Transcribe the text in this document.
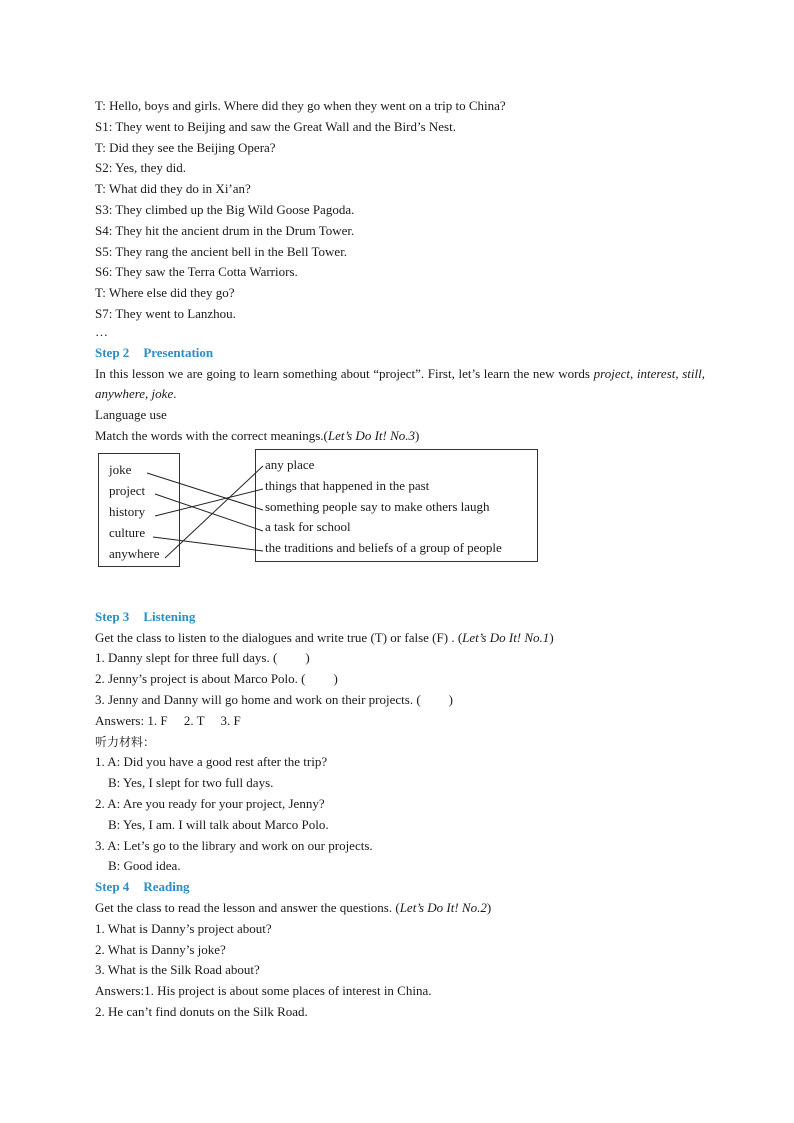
T: Hello, boys and girls. Where did they go when they went on a trip to China?
S1: They went to Beijing and saw the Great Wall and the Bird’s Nest.
T: Did they see the Beijing Opera?
S2: Yes, they did.
T: What did they do in Xi’an?
S3: They climbed up the Big Wild Goose Pagoda.
S4: They hit the ancient drum in the Drum Tower.
S5: They rang the ancient bell in the Bell Tower.
S6: They saw the Terra Cotta Warriors.
T: Where else did they go?
S7: They went to Lanzhou.
…
Step 2 Presentation
In this lesson we are going to learn something about “project”. First, let’s learn the new words project, interest, still, anywhere, joke.
Language use
Match the words with the correct meanings.(Let’s Do It! No.3)
joke
project
history
culture
anywhere
any place
things that happened in the past
something people say to make others laugh
a task for school
the traditions and beliefs of a group of people
Step 3 Listening
Get the class to listen to the dialogues and write true (T) or false (F) . (Let’s Do It! No.1)
1. Danny slept for three full days. ( )
2. Jenny’s project is about Marco Polo. ( )
3. Jenny and Danny will go home and work on their projects. ( )
Answers: 1. F     2. T     3. F
听力材料：
1. A: Did you have a good rest after the trip?
B: Yes, I slept for two full days.
2. A: Are you ready for your project, Jenny?
B: Yes, I am. I will talk about Marco Polo.
3. A: Let’s go to the library and work on our projects.
B: Good idea.
Step 4 Reading
Get the class to read the lesson and answer the questions. (Let’s Do It! No.2)
1. What is Danny’s project about?
2. What is Danny’s joke?
3. What is the Silk Road about?
Answers:1. His project is about some places of interest in China.
2. He can’t find donuts on the Silk Road.
